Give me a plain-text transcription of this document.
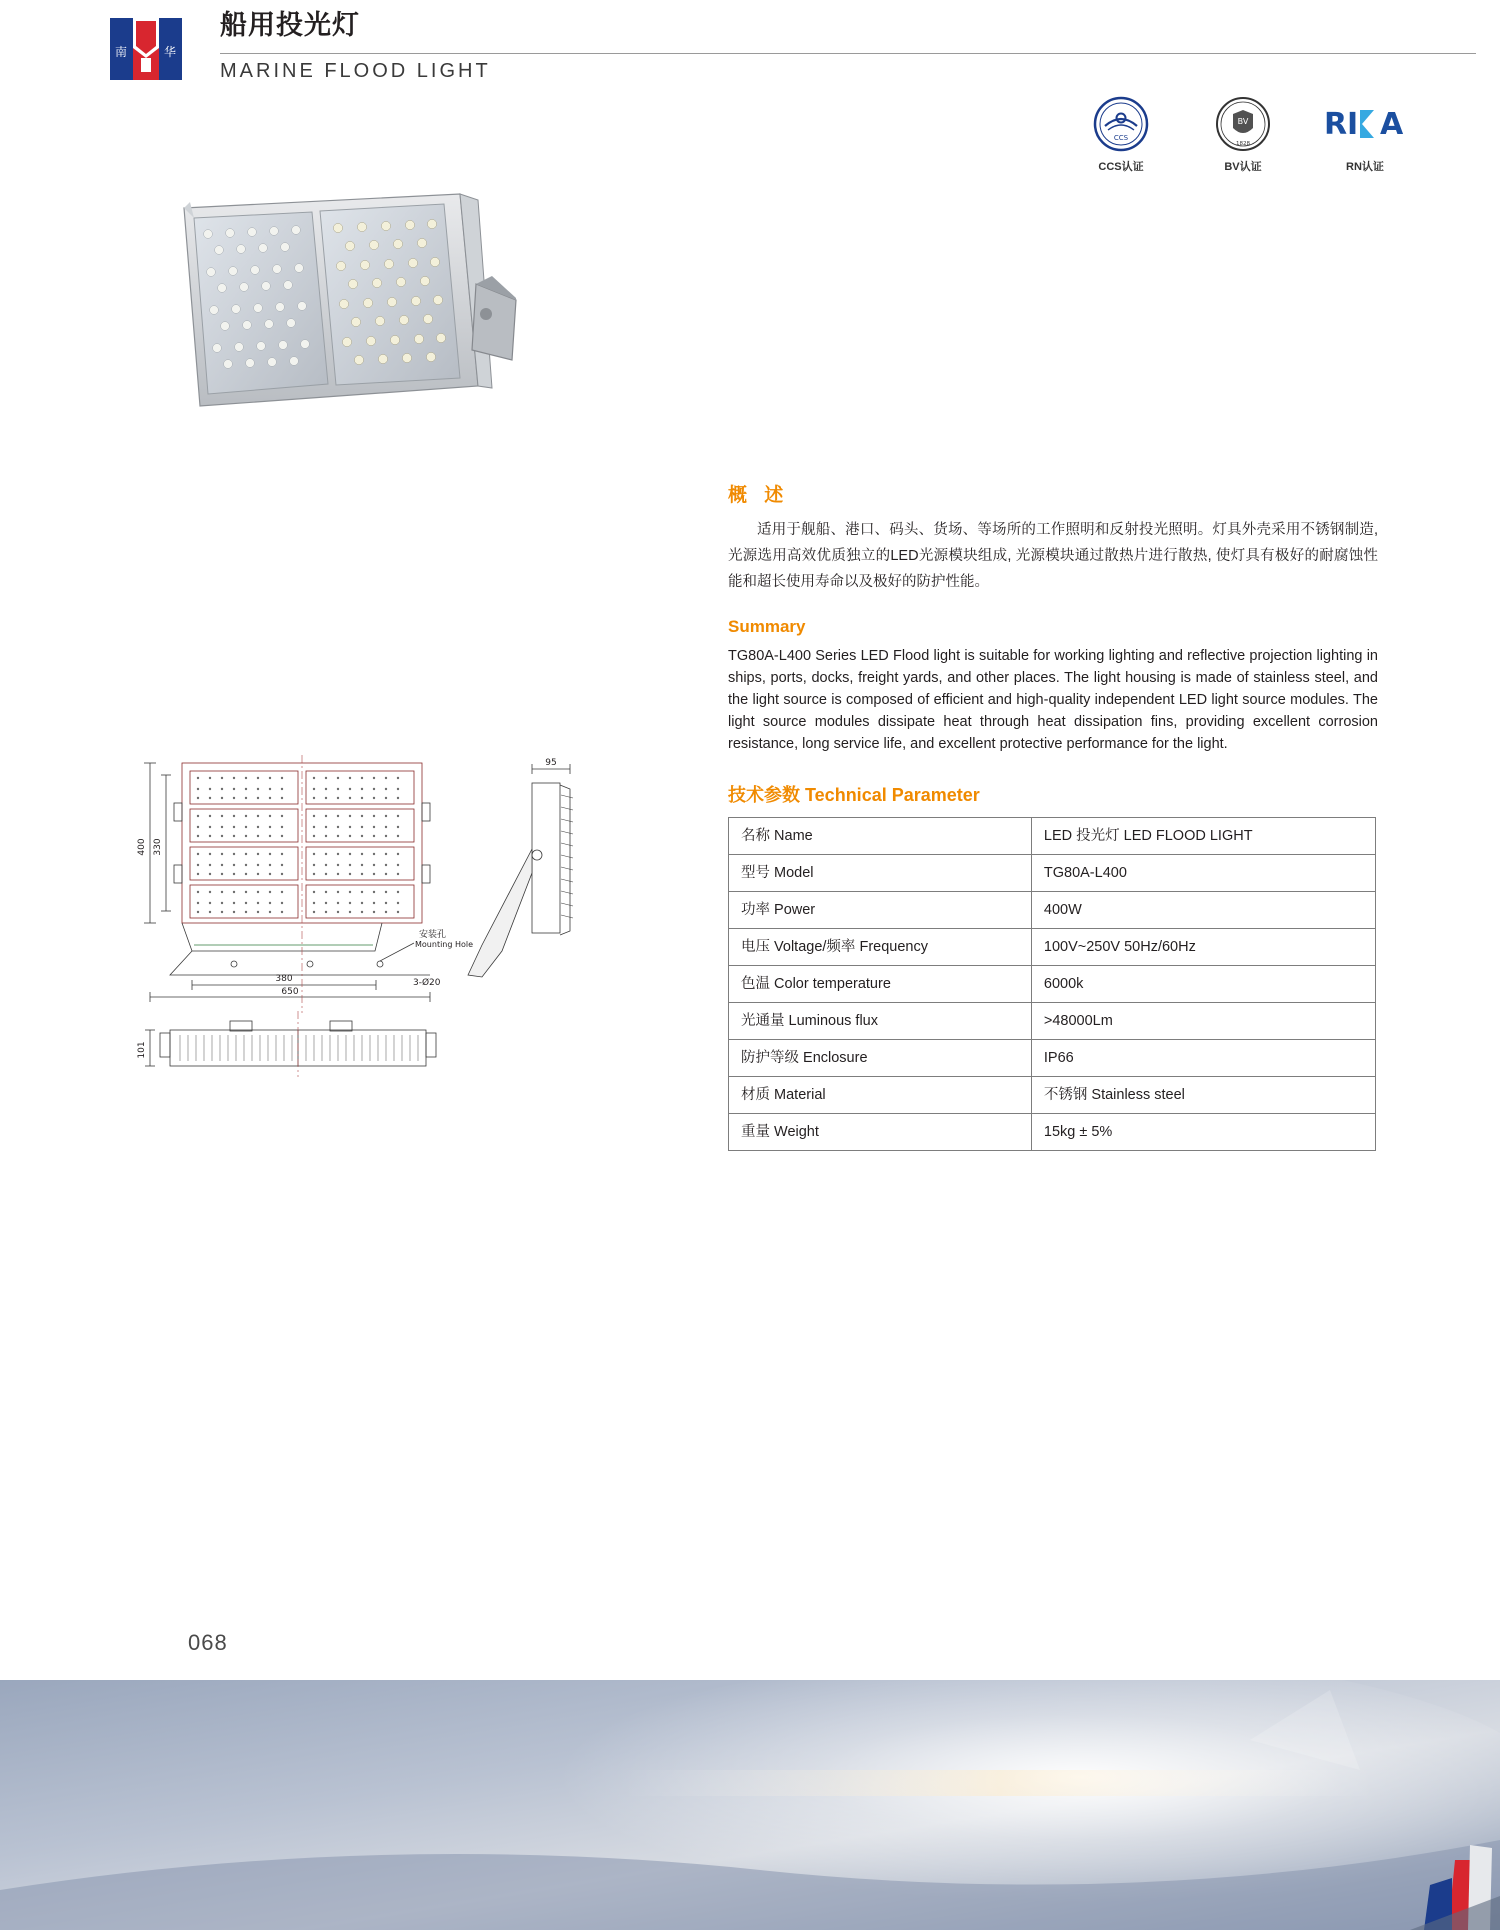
南	华
船用投光灯
MARINE FLOOD LIGHT
CCS
CCS认证
BV
1828
BV认证
R I A
RN认证
400 330
380
650
101
95
安装孔
Mounting Hole
3-Ø20
概 述

适用于舰船、港口、码头、货场、等场所的工作照明和反射投光照明。灯具外壳采用不锈钢制造, 光源选用高效优质独立的LED光源模块组成, 光源模块通过散热片进行散热, 使灯具有极好的耐腐蚀性能和超长使用寿命以及极好的防护性能。

Summary

TG80A-L400 Series LED Flood light is suitable for working lighting and reflective projection lighting in ships, ports, docks, freight yards, and other places. The light housing is made of stainless steel, and the light source is composed of efficient and high-quality independent LED light source modules. The light source modules dissipate heat through heat dissipation fins, providing excellent corrosion resistance, long service life, and excellent protective performance for the light.

技术参数 Technical Parameter
名称 Name	LED 投光灯 LED FLOOD LIGHT
型号 Model	TG80A-L400
功率 Power	400W
电压 Voltage/频率 Frequency	100V~250V 50Hz/60Hz
色温 Color temperature	6000k
光通量 Luminous flux	>48000Lm
防护等级 Enclosure	IP66
材质 Material	不锈钢 Stainless steel
重量 Weight	15kg ± 5%
068
